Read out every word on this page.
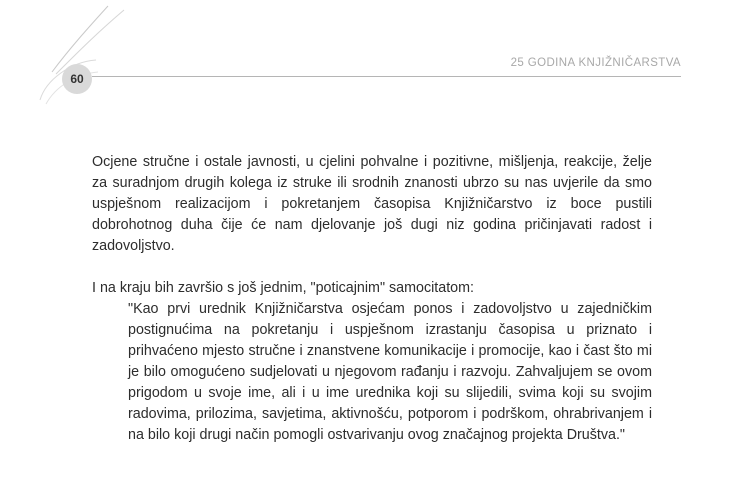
60
25 GODINA KNJIŽNIČARSTVA

Ocjene stručne i ostale javnosti, u cjelini pohvalne i pozitivne, mišljenja, reakcije, želje za suradnjom drugih kolega iz struke ili srodnih znanosti ubrzo su nas uvjerile da smo uspješnom realizacijom i pokretanjem časopisa Knjižničarstvo iz boce pustili dobrohotnog duha čije će nam djelovanje još dugi niz godina pričinjavati radost i zadovoljstvo.

I na kraju bih završio s još jednim, "poticajnim" samocitatom:

"Kao prvi urednik Knjižničarstva osjećam ponos i zadovoljstvo u zajedničkim postignućima na pokretanju i uspješnom izrastanju časopisa u priznato i prihvaćeno mjesto stručne i znanstvene komunikacije i promocije, kao i čast što mi je bilo omogućeno sudjelovati u njegovom rađanju i razvoju. Zahvaljujem se ovom prigodom u svoje ime, ali i u ime urednika koji su slijedili, svima koji su svojim radovima, prilozima, savjetima, aktivnošću, potporom i podrškom, ohrabrivanjem i na bilo koji drugi način pomogli ostvarivanju ovog značajnog projekta Društva."
